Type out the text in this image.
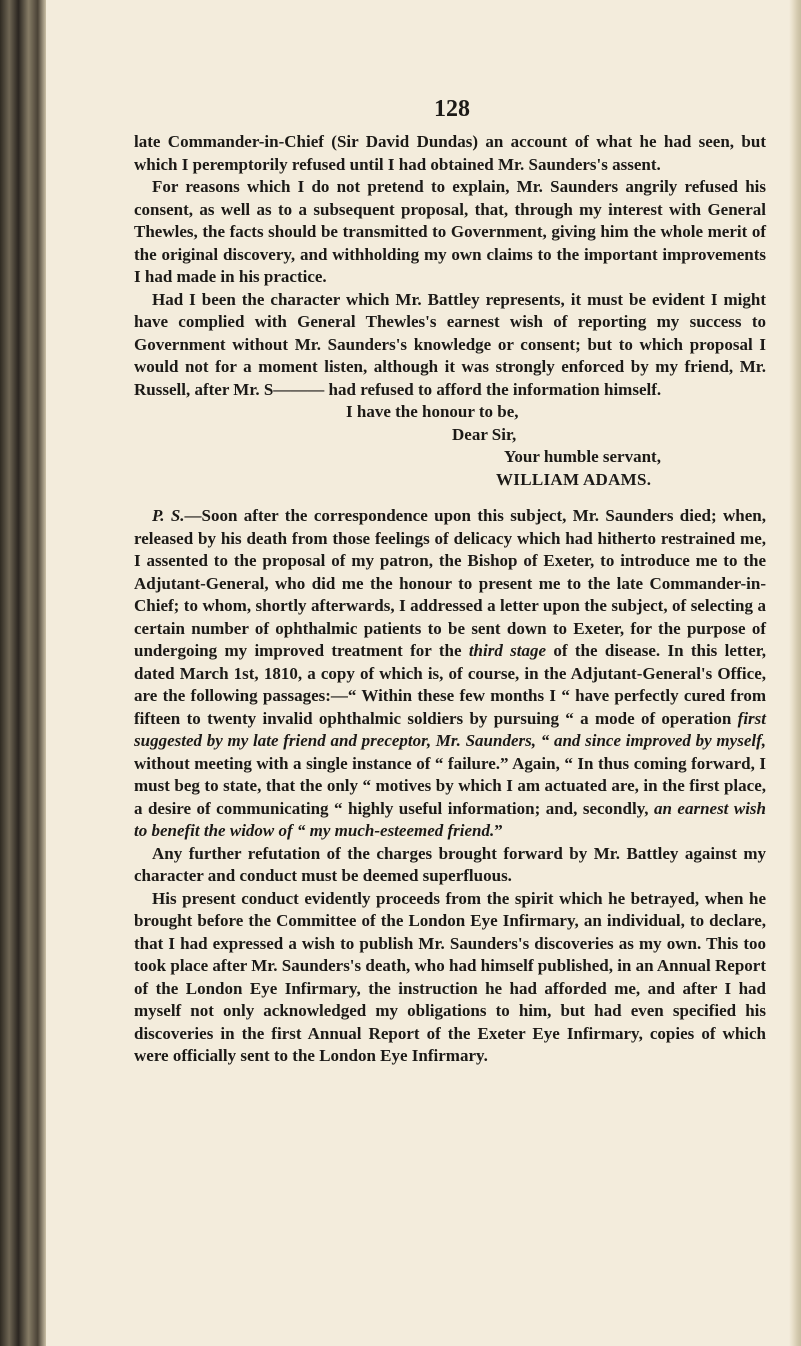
128

late Commander-in-Chief (Sir David Dundas) an account of what he had seen, but which I peremptorily refused until I had obtained Mr. Saunders's assent.

For reasons which I do not pretend to explain, Mr. Saunders angrily refused his consent, as well as to a subsequent proposal, that, through my interest with General Thewles, the facts should be transmitted to Government, giving him the whole merit of the original discovery, and withholding my own claims to the important improvements I had made in his practice.

Had I been the character which Mr. Battley represents, it must be evident I might have complied with General Thewles's earnest wish of reporting my success to Government without Mr. Saunders's knowledge or consent; but to which proposal I would not for a moment listen, although it was strongly enforced by my friend, Mr. Russell, after Mr. S——— had refused to afford the information himself.

I have the honour to be,

Dear Sir,

Your humble servant,

WILLIAM ADAMS.

P. S.—Soon after the correspondence upon this subject, Mr. Saunders died; when, released by his death from those feelings of delicacy which had hitherto restrained me, I assented to the proposal of my patron, the Bishop of Exeter, to introduce me to the Adjutant-General, who did me the honour to present me to the late Commander-in-Chief; to whom, shortly afterwards, I addressed a letter upon the subject, of selecting a certain number of ophthalmic patients to be sent down to Exeter, for the purpose of undergoing my improved treatment for the third stage of the disease. In this letter, dated March 1st, 1810, a copy of which is, of course, in the Adjutant-General's Office, are the following passages:—“ Within these few months I “ have perfectly cured from fifteen to twenty invalid ophthalmic soldiers by pursuing “ a mode of operation first suggested by my late friend and preceptor, Mr. Saunders, “ and since improved by myself, without meeting with a single instance of “ failure.” Again, “ In thus coming forward, I must beg to state, that the only “ motives by which I am actuated are, in the first place, a desire of communicating “ highly useful information; and, secondly, an earnest wish to benefit the widow of “ my much-esteemed friend.”

Any further refutation of the charges brought forward by Mr. Battley against my character and conduct must be deemed superfluous.

His present conduct evidently proceeds from the spirit which he betrayed, when he brought before the Committee of the London Eye Infirmary, an individual, to declare, that I had expressed a wish to publish Mr. Saunders's discoveries as my own. This too took place after Mr. Saunders's death, who had himself published, in an Annual Report of the London Eye Infirmary, the instruction he had afforded me, and after I had myself not only acknowledged my obligations to him, but had even specified his discoveries in the first Annual Report of the Exeter Eye Infirmary, copies of which were officially sent to the London Eye Infirmary.
